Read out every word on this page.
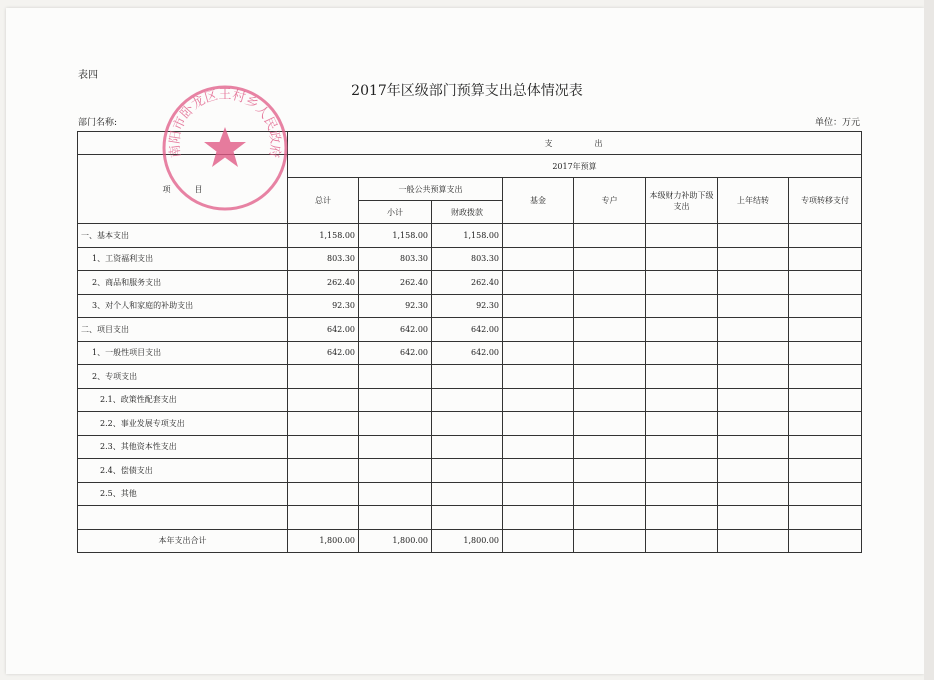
表四
2017年区级部门预算支出总体情况表
部门名称:	单位：万元
	支　　　　出							
项　　　目	2017年预算							
	总计	一般公共预算支出		基金	专户	本级财力补助下级支出	上年结转	专项转移支付
		小计	财政拨款					
一、基本支出	1,158.00	1,158.00	1,158.00					
1、工资福利支出	803.30	803.30	803.30					
2、商品和服务支出	262.40	262.40	262.40					
3、对个人和家庭的补助支出	92.30	92.30	92.30					
二、项目支出	642.00	642.00	642.00					
1、一般性项目支出	642.00	642.00	642.00					
2、专项支出								
2.1、政策性配套支出								
2.2、事业发展专项支出								
2.3、其他资本性支出								
2.4、偿债支出								
2.5、其他								

本年支出合计	1,800.00	1,800.00	1,800.00					
南阳市卧龙区王村乡人民政府
